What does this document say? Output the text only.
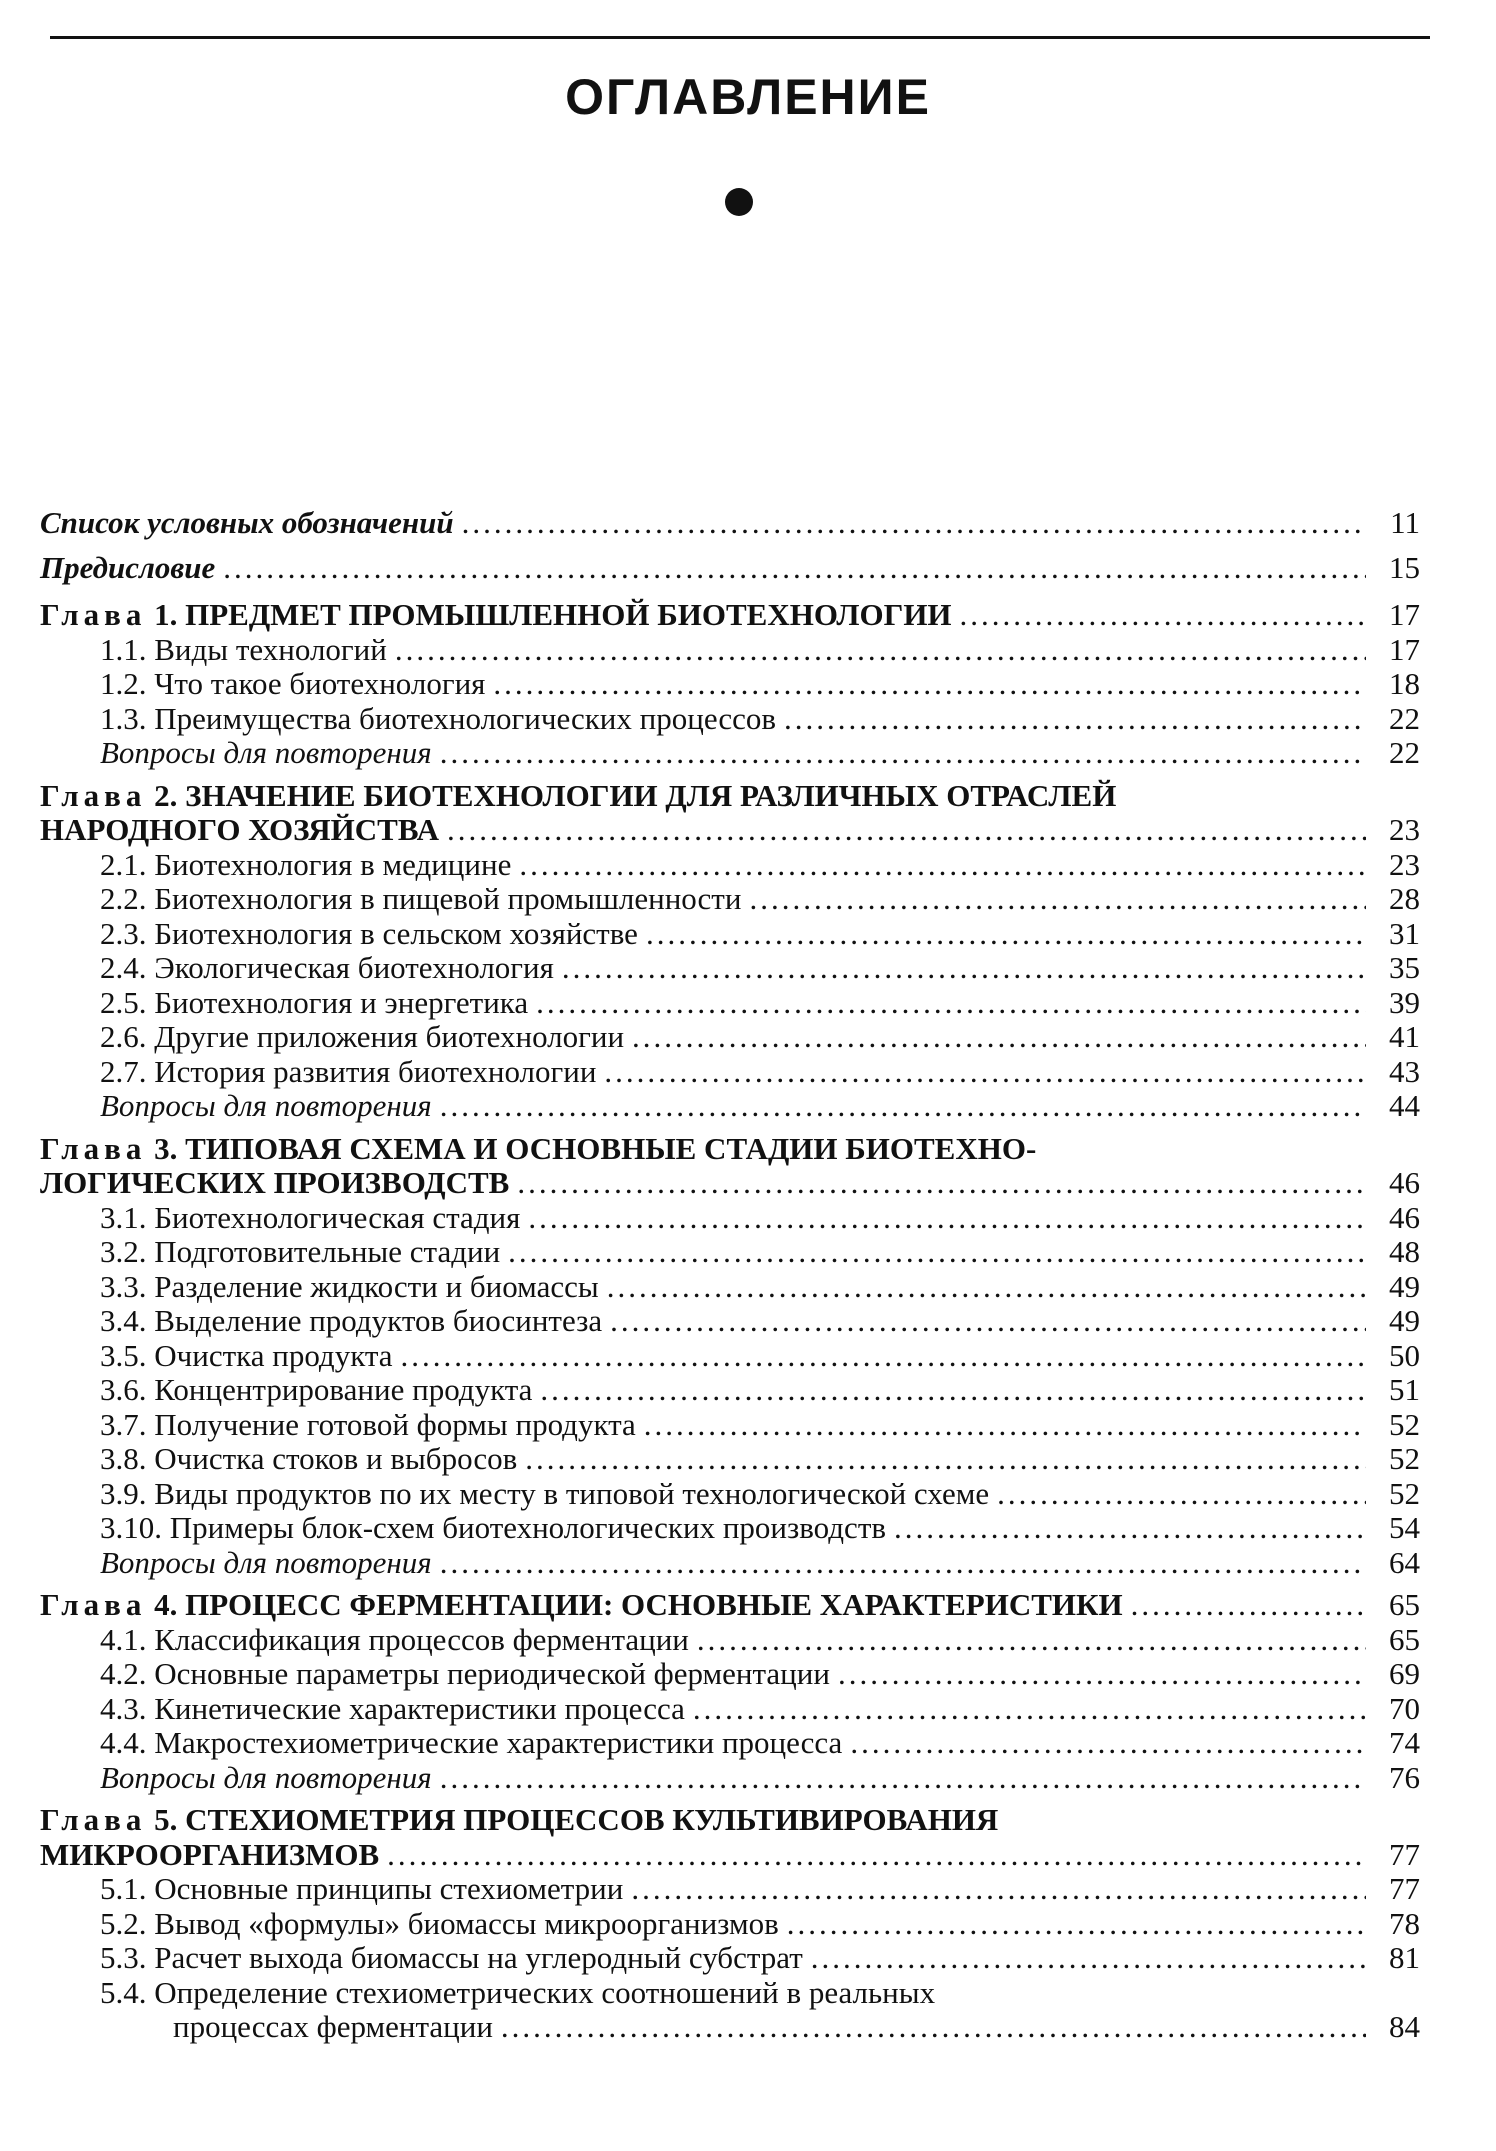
ОГЛАВЛЕНИЕ
Список условных обозначений .....	11
Предисловие .....	15
Глава 1. ПРЕДМЕТ ПРОМЫШЛЕННОЙ БИОТЕХНОЛОГИИ .....	17
1.1. Виды технологий .....	17
1.2. Что такое биотехнология .....	18
1.3. Преимущества биотехнологических процессов .....	22
Вопросы для повторения .....	22
Глава 2. ЗНАЧЕНИЕ БИОТЕХНОЛОГИИ ДЛЯ РАЗЛИЧНЫХ ОТРАСЛЕЙ
НАРОДНОГО ХОЗЯЙСТВА .....	23
2.1. Биотехнология в медицине .....	23
2.2. Биотехнология в пищевой промышленности .....	28
2.3. Биотехнология в сельском хозяйстве .....	31
2.4. Экологическая биотехнология .....	35
2.5. Биотехнология и энергетика .....	39
2.6. Другие приложения биотехнологии .....	41
2.7. История развития биотехнологии .....	43
Вопросы для повторения .....	44
Глава 3. ТИПОВАЯ СХЕМА И ОСНОВНЫЕ СТАДИИ БИОТЕХНО-
ЛОГИЧЕСКИХ ПРОИЗВОДСТВ .....	46
3.1. Биотехнологическая стадия .....	46
3.2. Подготовительные стадии .....	48
3.3. Разделение жидкости и биомассы .....	49
3.4. Выделение продуктов биосинтеза .....	49
3.5. Очистка продукта .....	50
3.6. Концентрирование продукта .....	51
3.7. Получение готовой формы продукта .....	52
3.8. Очистка стоков и выбросов .....	52
3.9. Виды продуктов по их месту в типовой технологической схеме .....	52
3.10. Примеры блок-схем биотехнологических производств .....	54
Вопросы для повторения .....	64
Глава 4. ПРОЦЕСС ФЕРМЕНТАЦИИ: ОСНОВНЫЕ ХАРАКТЕРИСТИКИ .....	65
4.1. Классификация процессов ферментации .....	65
4.2. Основные параметры периодической ферментации .....	69
4.3. Кинетические характеристики процесса .....	70
4.4. Макростехиометрические характеристики процесса .....	74
Вопросы для повторения .....	76
Глава 5. СТЕХИОМЕТРИЯ ПРОЦЕССОВ КУЛЬТИВИРОВАНИЯ
МИКРООРГАНИЗМОВ .....	77
5.1. Основные принципы стехиометрии .....	77
5.2. Вывод «формулы» биомассы микроорганизмов .....	78
5.3. Расчет выхода биомассы на углеродный субстрат .....	81
5.4. Определение стехиометрических соотношений в реальных
процессах ферментации .....	84
